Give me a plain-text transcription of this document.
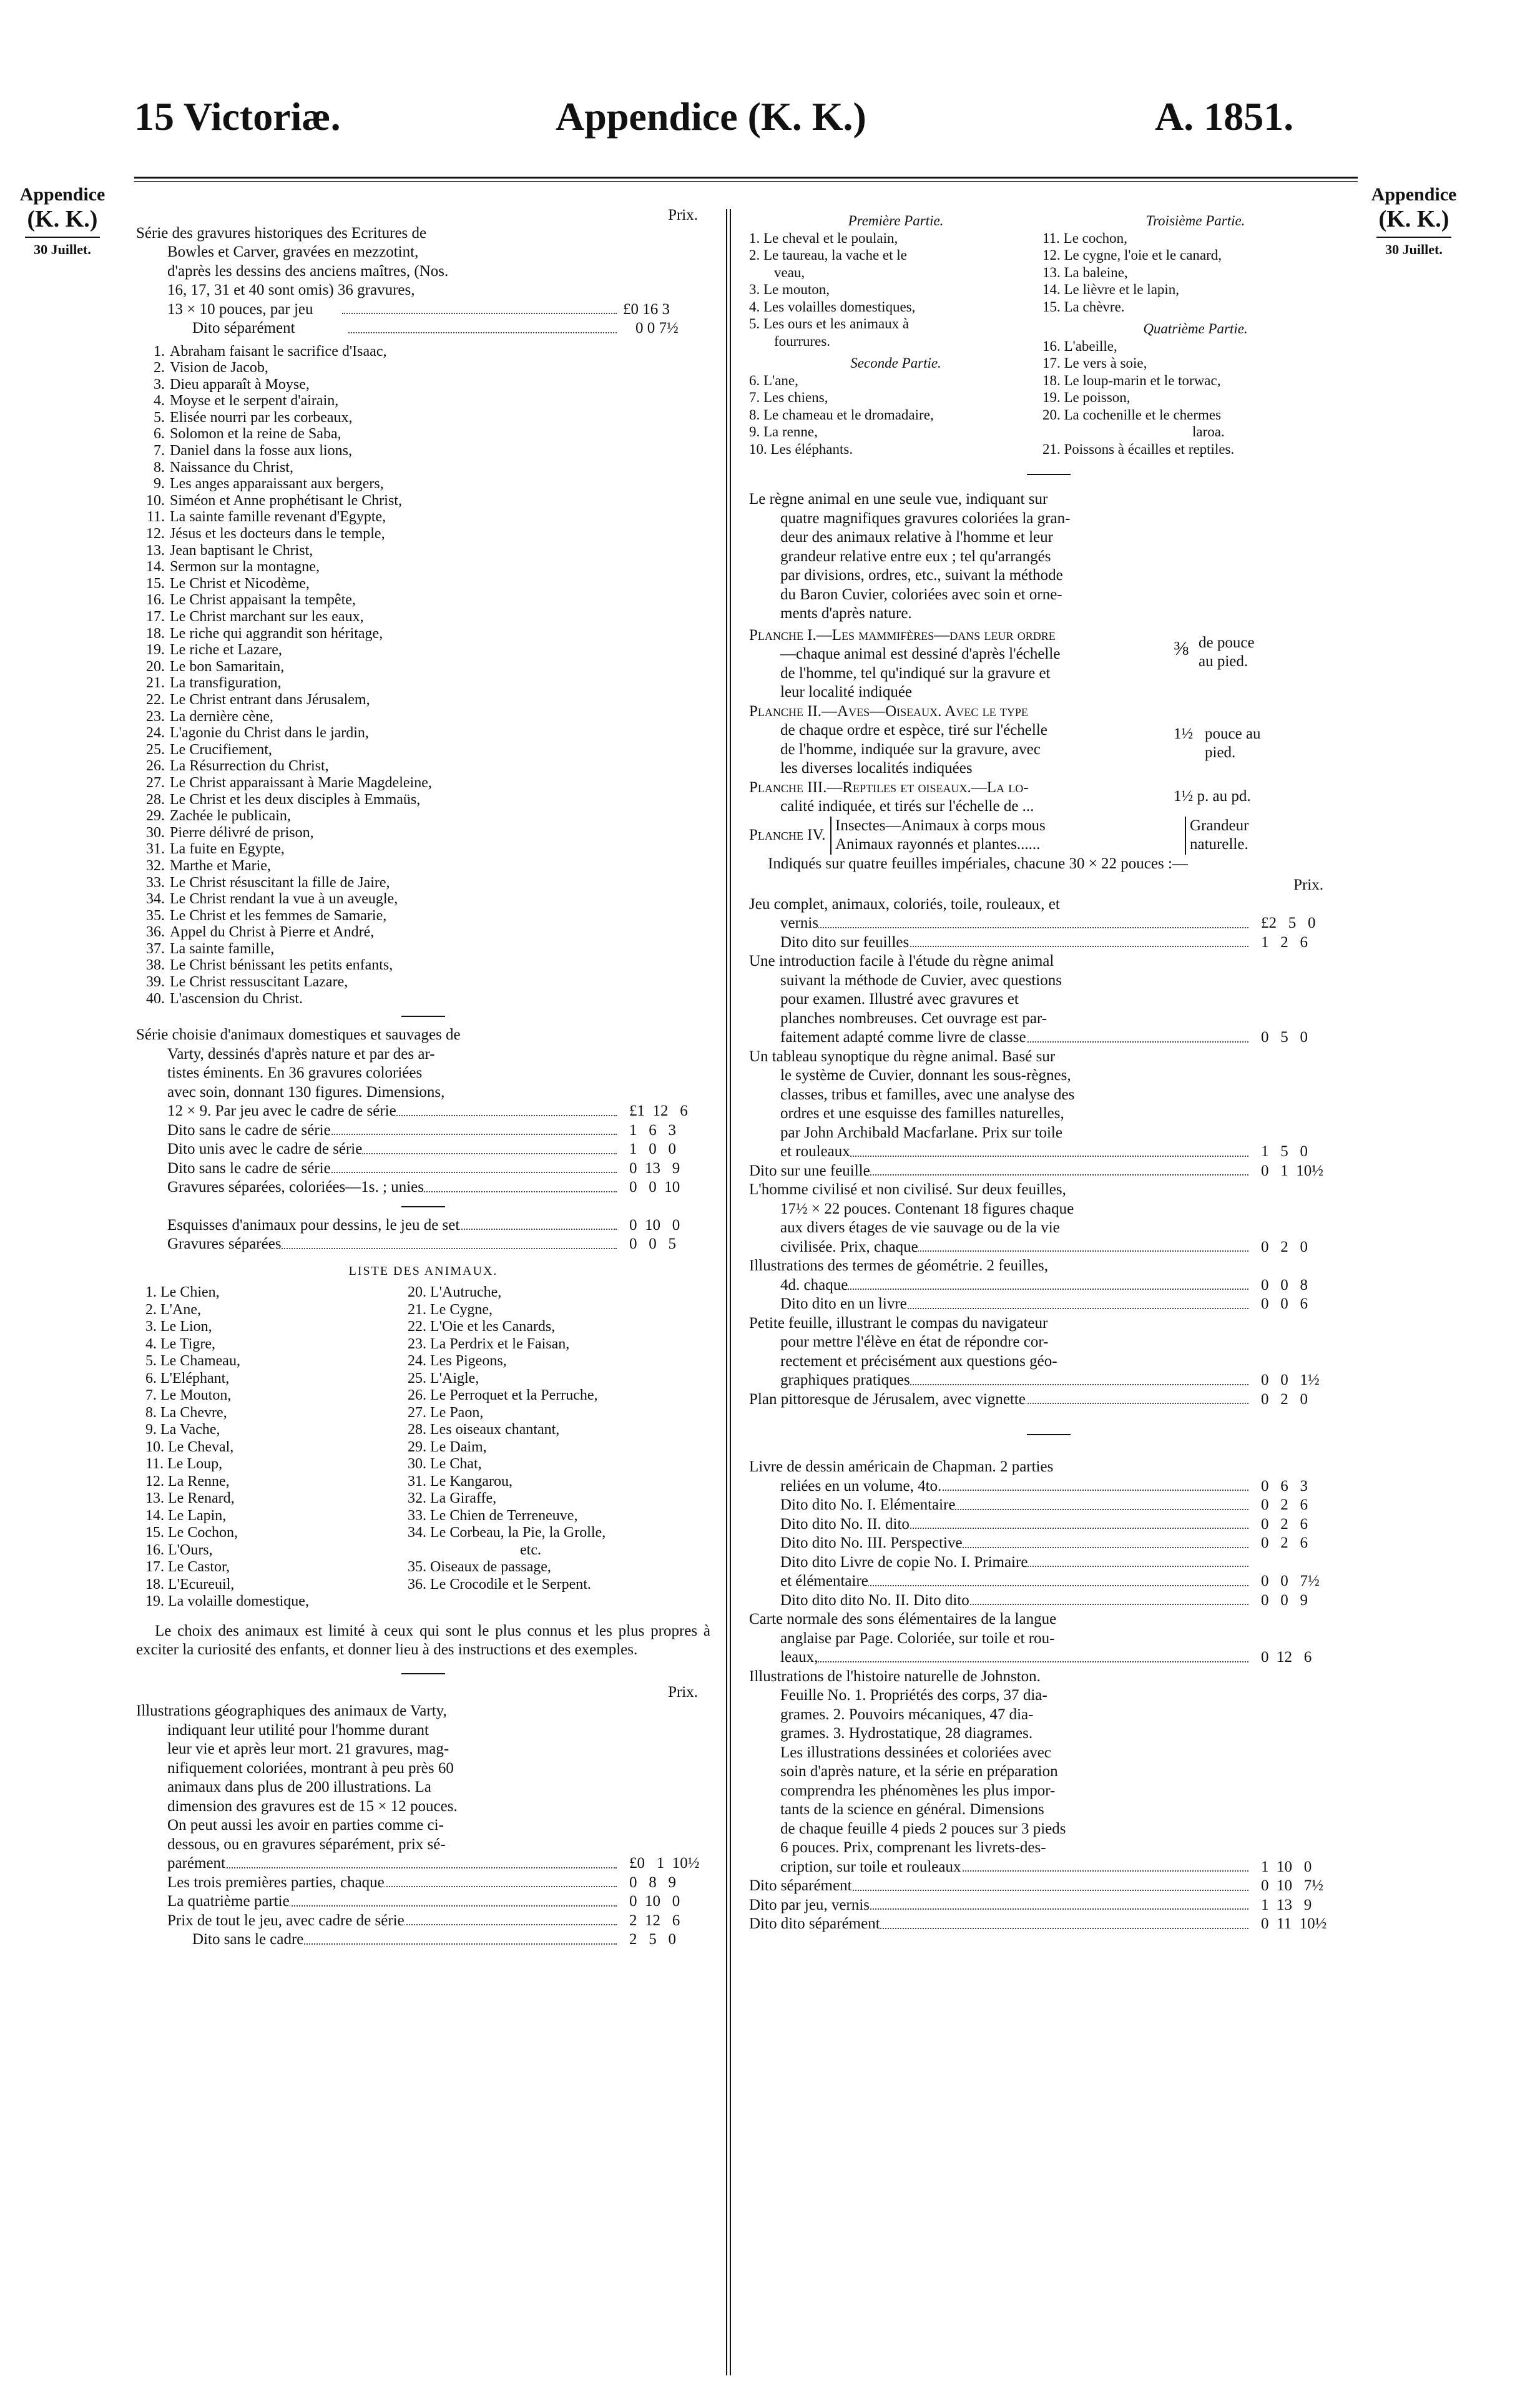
15 Victoriæ.	Appendice (K. K.)	A. 1851.
Appendice
(K. K.)
30 Juillet.
Appendice
(K. K.)
30 Juillet.
Prix.
Série des gravures historiques des Ecritures de
Bowles et Carver, gravées en mezzotint,
d'après les dessins des anciens maîtres, (Nos.
16, 17, 31 et 40 sont omis) 36 gravures,
13 × 10 pouces, par jeu	£0 16 3
Dito séparément	0 0 7½
1. Abraham faisant le sacrifice d'Isaac,
2. Vision de Jacob,
3. Dieu apparaît à Moyse,
4. Moyse et le serpent d'airain,
5. Elisée nourri par les corbeaux,
6. Solomon et la reine de Saba,
7. Daniel dans la fosse aux lions,
8. Naissance du Christ,
9. Les anges apparaissant aux bergers,
10. Siméon et Anne prophétisant le Christ,
11. La sainte famille revenant d'Egypte,
12. Jésus et les docteurs dans le temple,
13. Jean baptisant le Christ,
14. Sermon sur la montagne,
15. Le Christ et Nicodème,
16. Le Christ appaisant la tempête,
17. Le Christ marchant sur les eaux,
18. Le riche qui aggrandit son héritage,
19. Le riche et Lazare,
20. Le bon Samaritain,
21. La transfiguration,
22. Le Christ entrant dans Jérusalem,
23. La dernière cène,
24. L'agonie du Christ dans le jardin,
25. Le Crucifiement,
26. La Résurrection du Christ,
27. Le Christ apparaissant à Marie Magdeleine,
28. Le Christ et les deux disciples à Emmaüs,
29. Zachée le publicain,
30. Pierre délivré de prison,
31. La fuite en Egypte,
32. Marthe et Marie,
33. Le Christ résuscitant la fille de Jaire,
34. Le Christ rendant la vue à un aveugle,
35. Le Christ et les femmes de Samarie,
36. Appel du Christ à Pierre et André,
37. La sainte famille,
38. Le Christ bénissant les petits enfants,
39. Le Christ ressuscitant Lazare,
40. L'ascension du Christ.
Série choisie d'animaux domestiques et sauvages de
Varty, dessinés d'après nature et par des ar-
tistes éminents. En 36 gravures coloriées
avec soin, donnant 130 figures. Dimensions,
12 × 9. Par jeu avec le cadre de série	£1  12   6
Dito sans le cadre de série	1   6   3
Dito unis avec le cadre de série	1   0   0
Dito sans le cadre de série	0  13   9
Gravures séparées, coloriées—1s. ; unies	0   0  10
Esquisses d'animaux pour dessins, le jeu de set	0  10   0
Gravures séparées	0   0   5
LISTE DES ANIMAUX.
1. Le Chien,
2. L'Ane,
3. Le Lion,
4. Le Tigre,
5. Le Chameau,
6. L'Eléphant,
7. Le Mouton,
8. La Chevre,
9. La Vache,
10. Le Cheval,
11. Le Loup,
12. La Renne,
13. Le Renard,
14. Le Lapin,
15. Le Cochon,
16. L'Ours,
17. Le Castor,
18. L'Ecureuil,
19. La volaille domestique,
20. L'Autruche,
21. Le Cygne,
22. L'Oie et les Canards,
23. La Perdrix et le Faisan,
24. Les Pigeons,
25. L'Aigle,
26. Le Perroquet et la Perruche,
27. Le Paon,
28. Les oiseaux chantant,
29. Le Daim,
30. Le Chat,
31. Le Kangarou,
32. La Giraffe,
33. Le Chien de Terreneuve,
34. Le Corbeau, la Pie, la Grolle,
etc.
35. Oiseaux de passage,
36. Le Crocodile et le Serpent.
Le choix des animaux est limité à ceux qui sont le plus connus et les plus propres à exciter la curiosité des enfants, et donner lieu à des instructions et des exemples.
Prix.
Illustrations géographiques des animaux de Varty,
indiquant leur utilité pour l'homme durant
leur vie et après leur mort. 21 gravures, mag-
nifiquement coloriées, montrant à peu près 60
animaux dans plus de 200 illustrations. La
dimension des gravures est de 15 × 12 pouces.
On peut aussi les avoir en parties comme ci-
dessous, ou en gravures séparément, prix sé-
parément	£0   1  10½
Les trois premières parties, chaque	0   8   9
La quatrième partie	0  10   0
Prix de tout le jeu, avec cadre de série	2  12   6
Dito sans le cadre	2   5   0
Première Partie.
1. Le cheval et le poulain,
2. Le taureau, la vache et le
veau,
3. Le mouton,
4. Les volailles domestiques,
5. Les ours et les animaux à
fourrures.
Seconde Partie.
6. L'ane,
7. Les chiens,
8. Le chameau et le dromadaire,
9. La renne,
10. Les éléphants.
Troisième Partie.
11. Le cochon,
12. Le cygne, l'oie et le canard,
13. La baleine,
14. Le lièvre et le lapin,
15. La chèvre.
Quatrième Partie.
16. L'abeille,
17. Le vers à soie,
18. Le loup-marin et le torwac,
19. Le poisson,
20. La cochenille et le chermes
laroa.
21. Poissons à écailles et reptiles.
Le règne animal en une seule vue, indiquant sur
quatre magnifiques gravures coloriées la gran-
deur des animaux relative à l'homme et leur
grandeur relative entre eux ; tel qu'arrangés
par divisions, ordres, etc., suivant la méthode
du Baron Cuvier, coloriées avec soin et orne-
ments d'après nature.
Planche I.—Les mammifères—dans leur ordre
—chaque animal est dessiné d'après l'échelle
de l'homme, tel qu'indiqué sur la gravure et
leur localité indiquée
⅜ de pouce
au pied.
Planche II.—Aves—Oiseaux. Avec le type
de chaque ordre et espèce, tiré sur l'échelle
de l'homme, indiquée sur la gravure, avec
les diverses localités indiquées
1½ pouce au
pied.
Planche III.—Reptiles et oiseaux.—La lo-
calité indiquée, et tirés sur l'échelle de ...
1½ p. au pd.
Planche IV.
Insectes—Animaux à corps mous
Animaux rayonnés et plantes......
Grandeur
naturelle.
Indiqués sur quatre feuilles impériales, chacune 30 × 22 pouces :—
Prix.
Jeu complet, animaux, coloriés, toile, rouleaux, et
vernis	£2   5   0
Dito dito sur feuilles	1   2   6
Une introduction facile à l'étude du règne animal
suivant la méthode de Cuvier, avec questions
pour examen. Illustré avec gravures et
planches nombreuses. Cet ouvrage est par-
faitement adapté comme livre de classe	0   5   0
Un tableau synoptique du règne animal. Basé sur
le système de Cuvier, donnant les sous-règnes,
classes, tribus et familles, avec une analyse des
ordres et une esquisse des familles naturelles,
par John Archibald Macfarlane. Prix sur toile
et rouleaux	1   5   0
Dito sur une feuille	0   1  10½
L'homme civilisé et non civilisé. Sur deux feuilles,
17½ × 22 pouces. Contenant 18 figures chaque
aux divers étages de vie sauvage ou de la vie
civilisée. Prix, chaque	0   2   0
Illustrations des termes de géométrie. 2 feuilles,
4d. chaque	0   0   8
Dito dito en un livre	0   0   6
Petite feuille, illustrant le compas du navigateur
pour mettre l'élève en état de répondre cor-
rectement et précisément aux questions géo-
graphiques pratiques	0   0   1½
Plan pittoresque de Jérusalem, avec vignette	0   2   0
Livre de dessin américain de Chapman. 2 parties
reliées en un volume, 4to.	0   6   3
Dito dito No. I. Elémentaire	0   2   6
Dito dito No. II. dito	0   2   6
Dito dito No. III. Perspective	0   2   6
Dito dito Livre de copie No. I. Primaire
et élémentaire	0   0   7½
Dito dito dito No. II. Dito dito	0   0   9
Carte normale des sons élémentaires de la langue
anglaise par Page. Coloriée, sur toile et rou-
leaux,	0  12   6
Illustrations de l'histoire naturelle de Johnston.
Feuille No. 1. Propriétés des corps, 37 dia-
grames. 2. Pouvoirs mécaniques, 47 dia-
grames. 3. Hydrostatique, 28 diagrames.
Les illustrations dessinées et coloriées avec
soin d'après nature, et la série en préparation
comprendra les phénomènes les plus impor-
tants de la science en général. Dimensions
de chaque feuille 4 pieds 2 pouces sur 3 pieds
6 pouces. Prix, comprenant les livrets-des-
cription, sur toile et rouleaux	1  10   0
Dito séparément	0  10   7½
Dito par jeu, vernis	1  13   9
Dito dito séparément	0  11  10½
